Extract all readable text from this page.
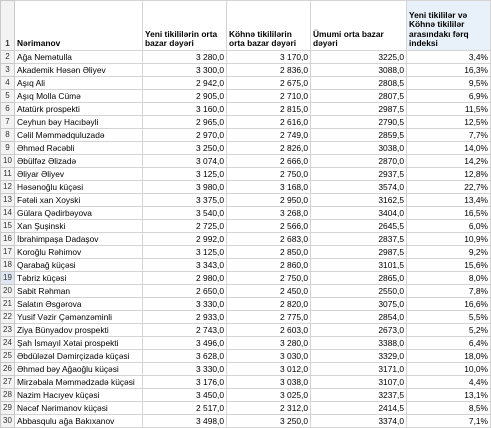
1	Nərimanov	Yeni tikililərin orta bazar dəyəri	Köhnə tikililərin orta bazar dəyəri	Ümumi orta bazar dəyəri	Yeni tikililər və Köhnə tikililər arasındakı fərq indeksi
2	Ağa Nemətulla	3 280,0	3 170,0	3225,0	3,4%
3	Akademik Həsən Əliyev	3 300,0	2 836,0	3088,0	16,3%
4	Aşıq Ali	2 942,0	2 675,0	2808,5	9,5%
5	Aşıq Molla Cümə	2 905,0	2 710,0	2807,5	6,9%
6	Atatürk prospekti	3 160,0	2 815,0	2987,5	11,5%
7	Ceyhun bəy Hacıbəyli	2 965,0	2 616,0	2790,5	12,5%
8	Cəlil Məmmədquluzadə	2 970,0	2 749,0	2859,5	7,7%
9	Əhməd Rəcəbli	3 250,0	2 826,0	3038,0	14,0%
10	Əbülfəz Əlizadə	3 074,0	2 666,0	2870,0	14,2%
11	Əliyar Əliyev	3 125,0	2 750,0	2937,5	12,8%
12	Həsənoğlu küçəsi	3 980,0	3 168,0	3574,0	22,7%
13	Fətəli xan Xoyski	3 375,0	2 950,0	3162,5	13,4%
14	Gülara Qədirbəyova	3 540,0	3 268,0	3404,0	16,5%
15	Xan Şuşinski	2 725,0	2 566,0	2645,5	6,0%
16	İbrahimpaşa Dadaşov	2 992,0	2 683,0	2837,5	10,9%
17	Koroğlu Rəhimov	3 125,0	2 850,0	2987,5	9,2%
18	Qarabağ küçəsi	3 343,0	2 860,0	3101,5	15,6%
19	Təbriz küçəsi	2 980,0	2 750,0	2865,0	8,0%
20	Sabit Rəhman	2 650,0	2 450,0	2550,0	7,8%
21	Salatın Əsgərova	3 330,0	2 820,0	3075,0	16,6%
22	Yusif Vəzir Çəmənzəminli	2 933,0	2 775,0	2854,0	5,5%
23	Ziya Bünyadov prospekti	2 743,0	2 603,0	2673,0	5,2%
24	Şah İsmayıl Xətai prospekti	3 496,0	3 280,0	3388,0	6,4%
25	Əbdüləzəl Dəmirçizadə küçəsi	3 628,0	3 030,0	3329,0	18,0%
26	Əhməd bəy Ağaoğlu küçəsi	3 330,0	3 012,0	3171,0	10,0%
27	Mirzəbala Məmmədzadə küçəsi	3 176,0	3 038,0	3107,0	4,4%
28	Nazim Hacıyev küçəsi	3 450,0	3 025,0	3237,5	13,1%
29	Nəcəf Nərimanov küçəsi	2 517,0	2 312,0	2414,5	8,5%
30	Abbasqulu ağa Bakıxanov	3 498,0	3 250,0	3374,0	7,1%
